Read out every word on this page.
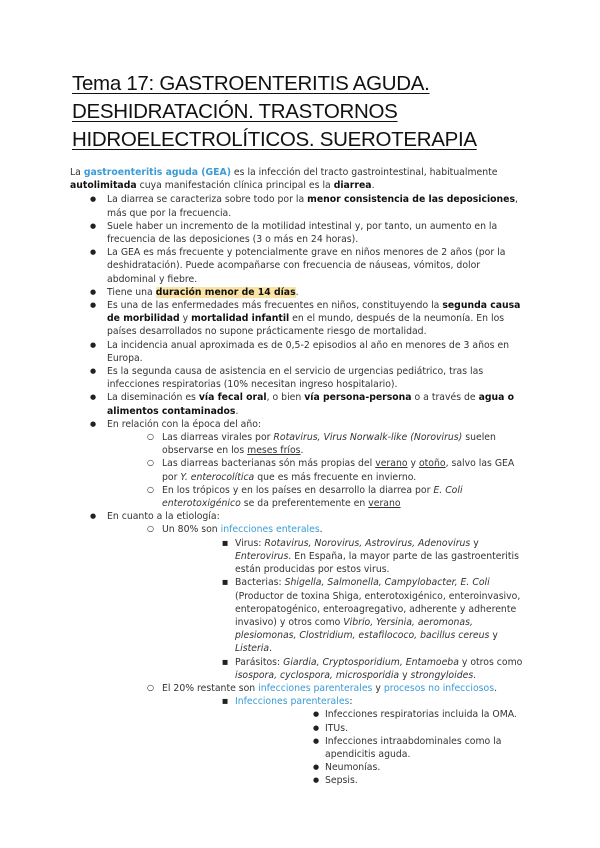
Tema 17: GASTROENTERITIS AGUDA.
DESHIDRATACIÓN. TRASTORNOS
HIDROELECTROLÍTICOS. SUEROTERAPIA

La gastroenteritis aguda (GEA) es la infección del tracto gastrointestinal, habitualmente autolimitada cuya manifestación clínica principal es la diarrea.

● La diarrea se caracteriza sobre todo por la menor consistencia de las deposiciones, más que por la frecuencia.
● Suele haber un incremento de la motilidad intestinal y, por tanto, un aumento en la frecuencia de las deposiciones (3 o más en 24 horas).
● La GEA es más frecuente y potencialmente grave en niños menores de 2 años (por la deshidratación). Puede acompañarse con frecuencia de náuseas, vómitos, dolor abdominal y fiebre.
● Tiene una duración menor de 14 días.
● Es una de las enfermedades más frecuentes en niños, constituyendo la segunda causa de morbilidad y mortalidad infantil en el mundo, después de la neumonía. En los países desarrollados no supone prácticamente riesgo de mortalidad.
● La incidencia anual aproximada es de 0,5-2 episodios al año en menores de 3 años en Europa.
● Es la segunda causa de asistencia en el servicio de urgencias pediátrico, tras las infecciones respiratorias (10% necesitan ingreso hospitalario).
● La diseminación es vía fecal oral, o bien vía persona-persona o a través de agua o alimentos contaminados.
● En relación con la época del año:
○ Las diarreas virales por Rotavirus, Virus Norwalk-like (Norovirus) suelen observarse en los meses fríos.
○ Las diarreas bacterianas són más propias del verano y otoño, salvo las GEA por Y. enterocolítica que es más frecuente en invierno.
○ En los trópicos y en los países en desarrollo la diarrea por E. Coli enterotoxigénico se da preferentemente en verano
● En cuanto a la etiología:
○ Un 80% son infecciones enterales.
■ Virus: Rotavirus, Norovirus, Astrovirus, Adenovirus y Enterovirus. En España, la mayor parte de las gastroenteritis están producidas por estos virus.
■ Bacterias: Shigella, Salmonella, Campylobacter, E. Coli (Productor de toxina Shiga, enterotoxigénico, enteroinvasivo, enteropatogénico, enteroagregativo, adherente y adherente invasivo) y otros como Vibrio, Yersinia, aeromonas, plesiomonas, Clostridium, estafilococo, bacillus cereus y Listeria.
■ Parásitos: Giardia, Cryptosporidium, Entamoeba y otros como isospora, cyclospora, microsporidia y strongyloides.
○ El 20% restante son infecciones parenterales y procesos no infecciosos.
■ Infecciones parenterales:
● Infecciones respiratorias incluida la OMA.
● ITUs.
● Infecciones intraabdominales como la apendicitis aguda.
● Neumonías.
● Sepsis.
